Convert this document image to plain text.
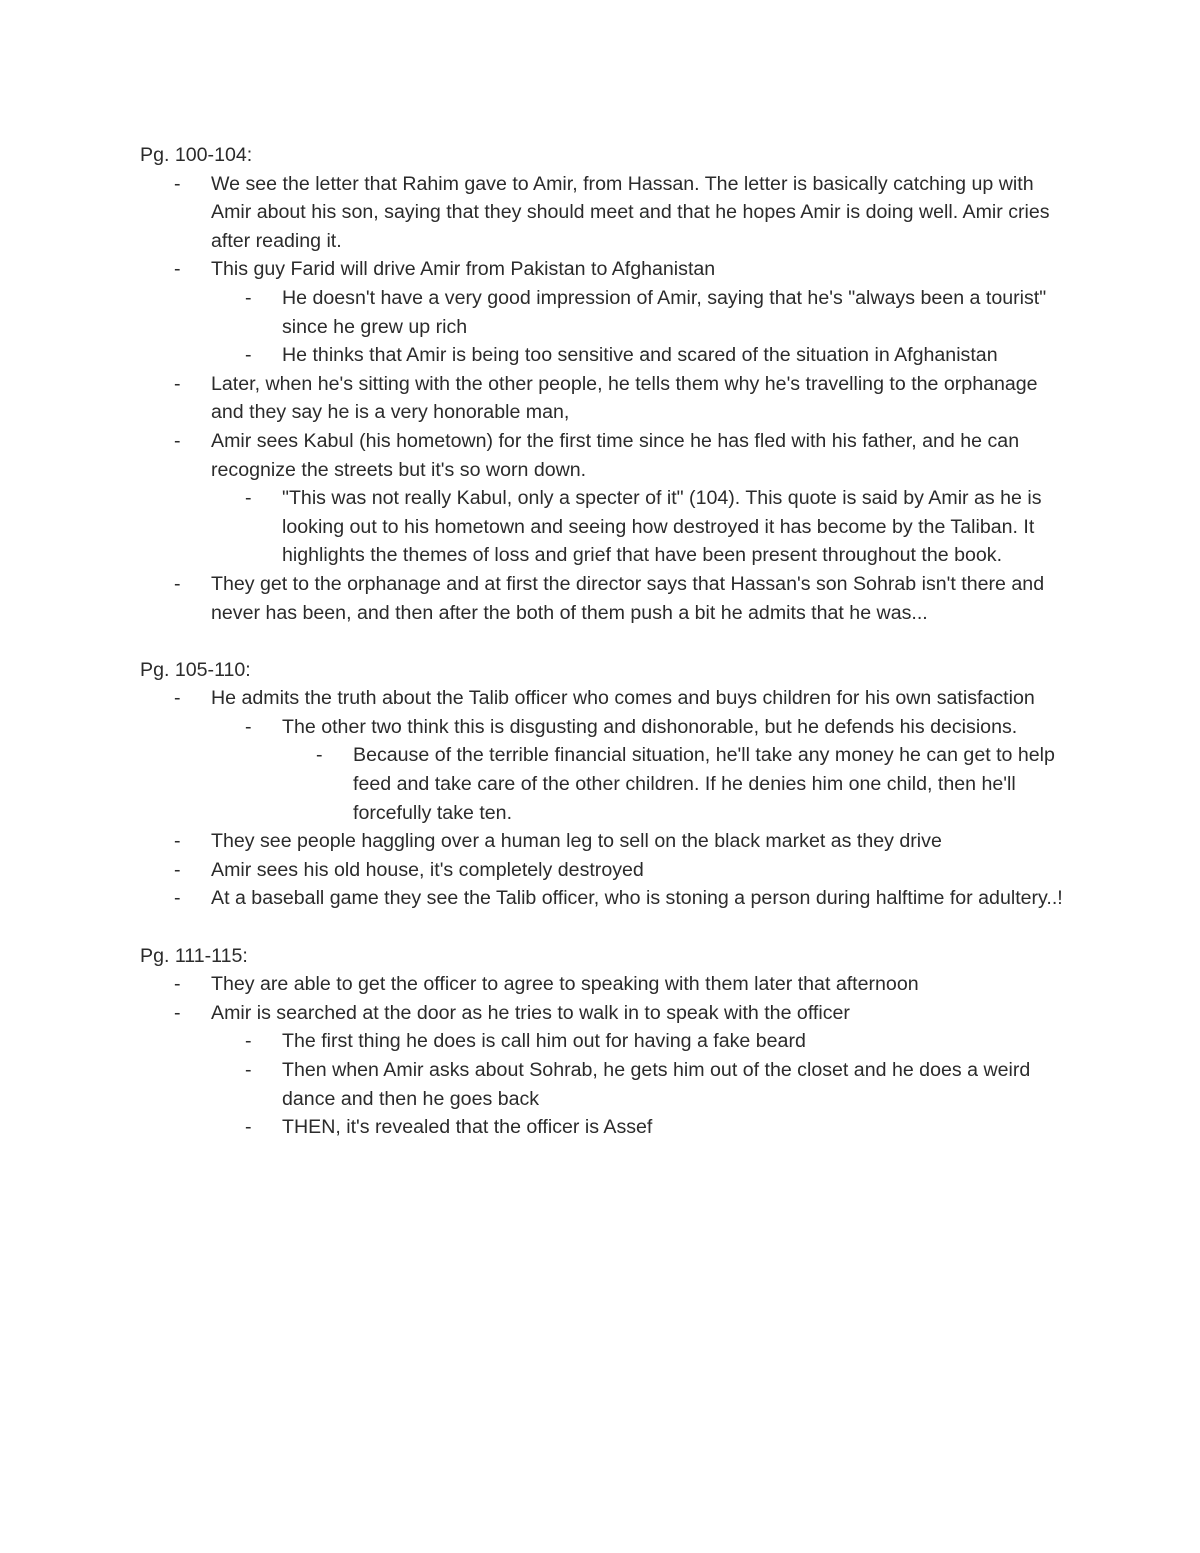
Pg. 100-104:

- We see the letter that Rahim gave to Amir, from Hassan. The letter is basically catching up with Amir about his son, saying that they should meet and that he hopes Amir is doing well. Amir cries after reading it.
- This guy Farid will drive Amir from Pakistan to Afghanistan
- He doesn't have a very good impression of Amir, saying that he's "always been a tourist" since he grew up rich
- He thinks that Amir is being too sensitive and scared of the situation in Afghanistan
- Later, when he's sitting with the other people, he tells them why he's travelling to the orphanage and they say he is a very honorable man,
- Amir sees Kabul (his hometown) for the first time since he has fled with his father, and he can recognize the streets but it's so worn down.
- "This was not really Kabul, only a specter of it" (104). This quote is said by Amir as he is looking out to his hometown and seeing how destroyed it has become by the Taliban. It highlights the themes of loss and grief that have been present throughout the book.
- They get to the orphanage and at first the director says that Hassan's son Sohrab isn't there and never has been, and then after the both of them push a bit he admits that he was...

Pg. 105-110:

- He admits the truth about the Talib officer who comes and buys children for his own satisfaction
- The other two think this is disgusting and dishonorable, but he defends his decisions.
- Because of the terrible financial situation, he'll take any money he can get to help feed and take care of the other children. If he denies him one child, then he'll forcefully take ten.
- They see people haggling over a human leg to sell on the black market as they drive
- Amir sees his old house, it's completely destroyed
- At a baseball game they see the Talib officer, who is stoning a person during halftime for adultery..!

Pg. 111-115:

- They are able to get the officer to agree to speaking with them later that afternoon
- Amir is searched at the door as he tries to walk in to speak with the officer
- The first thing he does is call him out for having a fake beard
- Then when Amir asks about Sohrab, he gets him out of the closet and he does a weird dance and then he goes back
- THEN, it's revealed that the officer is Assef
